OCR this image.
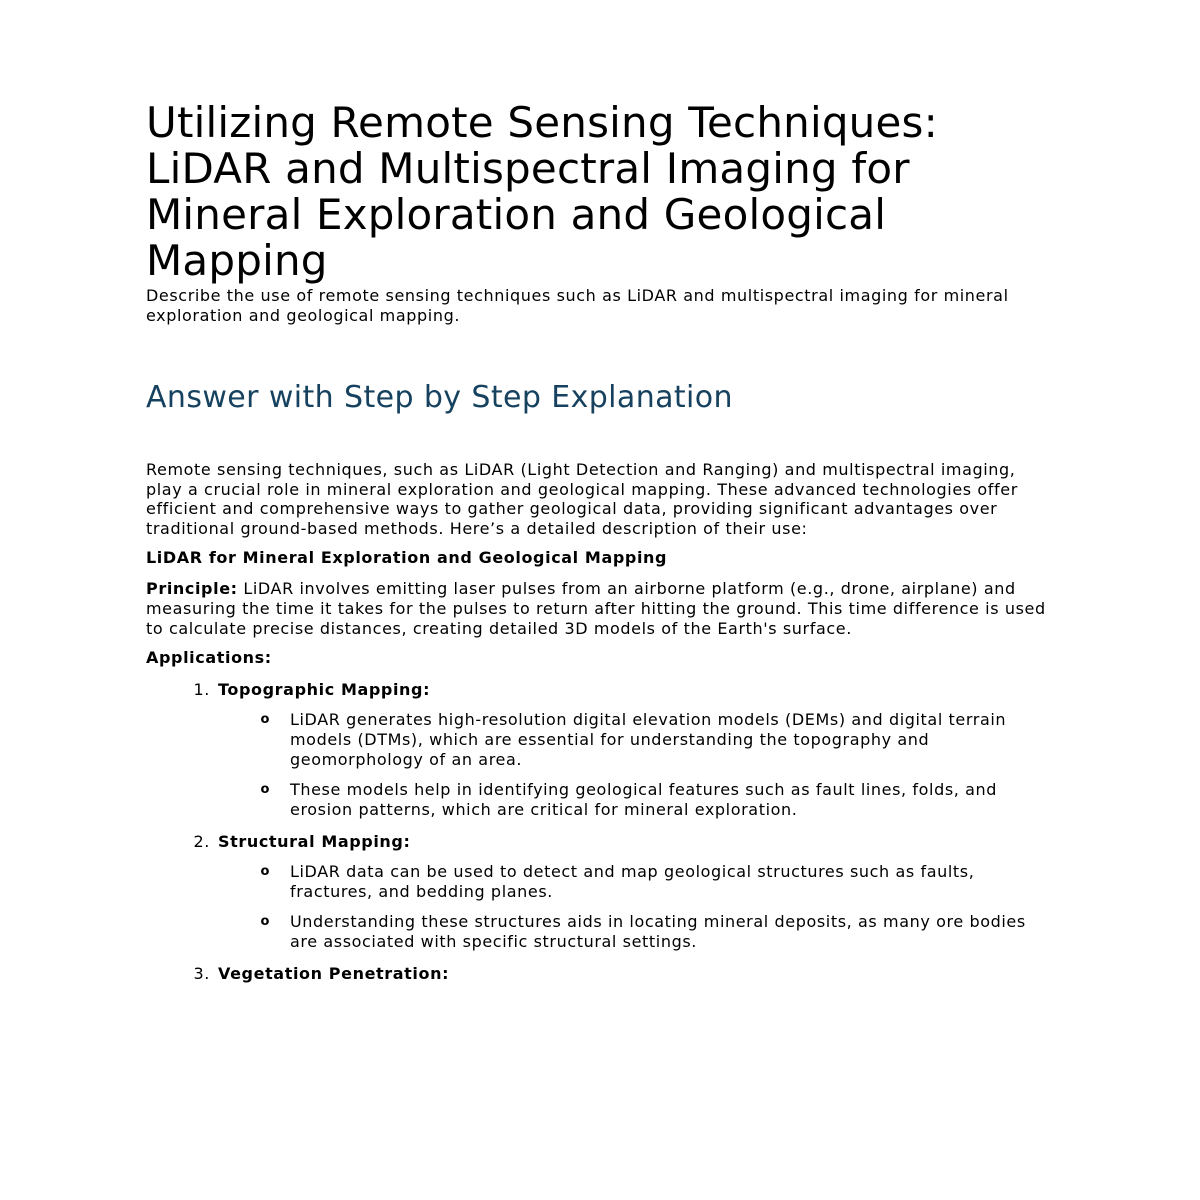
Utilizing Remote Sensing Techniques: LiDAR and Multispectral Imaging for Mineral Exploration and Geological Mapping

Describe the use of remote sensing techniques such as LiDAR and multispectral imaging for mineral exploration and geological mapping.

Answer with Step by Step Explanation

Remote sensing techniques, such as LiDAR (Light Detection and Ranging) and multispectral imaging, play a crucial role in mineral exploration and geological mapping. These advanced technologies offer efficient and comprehensive ways to gather geological data, providing significant advantages over traditional ground-based methods. Here’s a detailed description of their use:

LiDAR for Mineral Exploration and Geological Mapping

Principle: LiDAR involves emitting laser pulses from an airborne platform (e.g., drone, airplane) and measuring the time it takes for the pulses to return after hitting the ground. This time difference is used to calculate precise distances, creating detailed 3D models of the Earth's surface.

Applications:

1. Topographic Mapping:
o	LiDAR generates high-resolution digital elevation models (DEMs) and digital terrain models (DTMs), which are essential for understanding the topography and geomorphology of an area.
o	These models help in identifying geological features such as fault lines, folds, and erosion patterns, which are critical for mineral exploration.
2. Structural Mapping:
o	LiDAR data can be used to detect and map geological structures such as faults, fractures, and bedding planes.
o	Understanding these structures aids in locating mineral deposits, as many ore bodies are associated with specific structural settings.
3. Vegetation Penetration:
